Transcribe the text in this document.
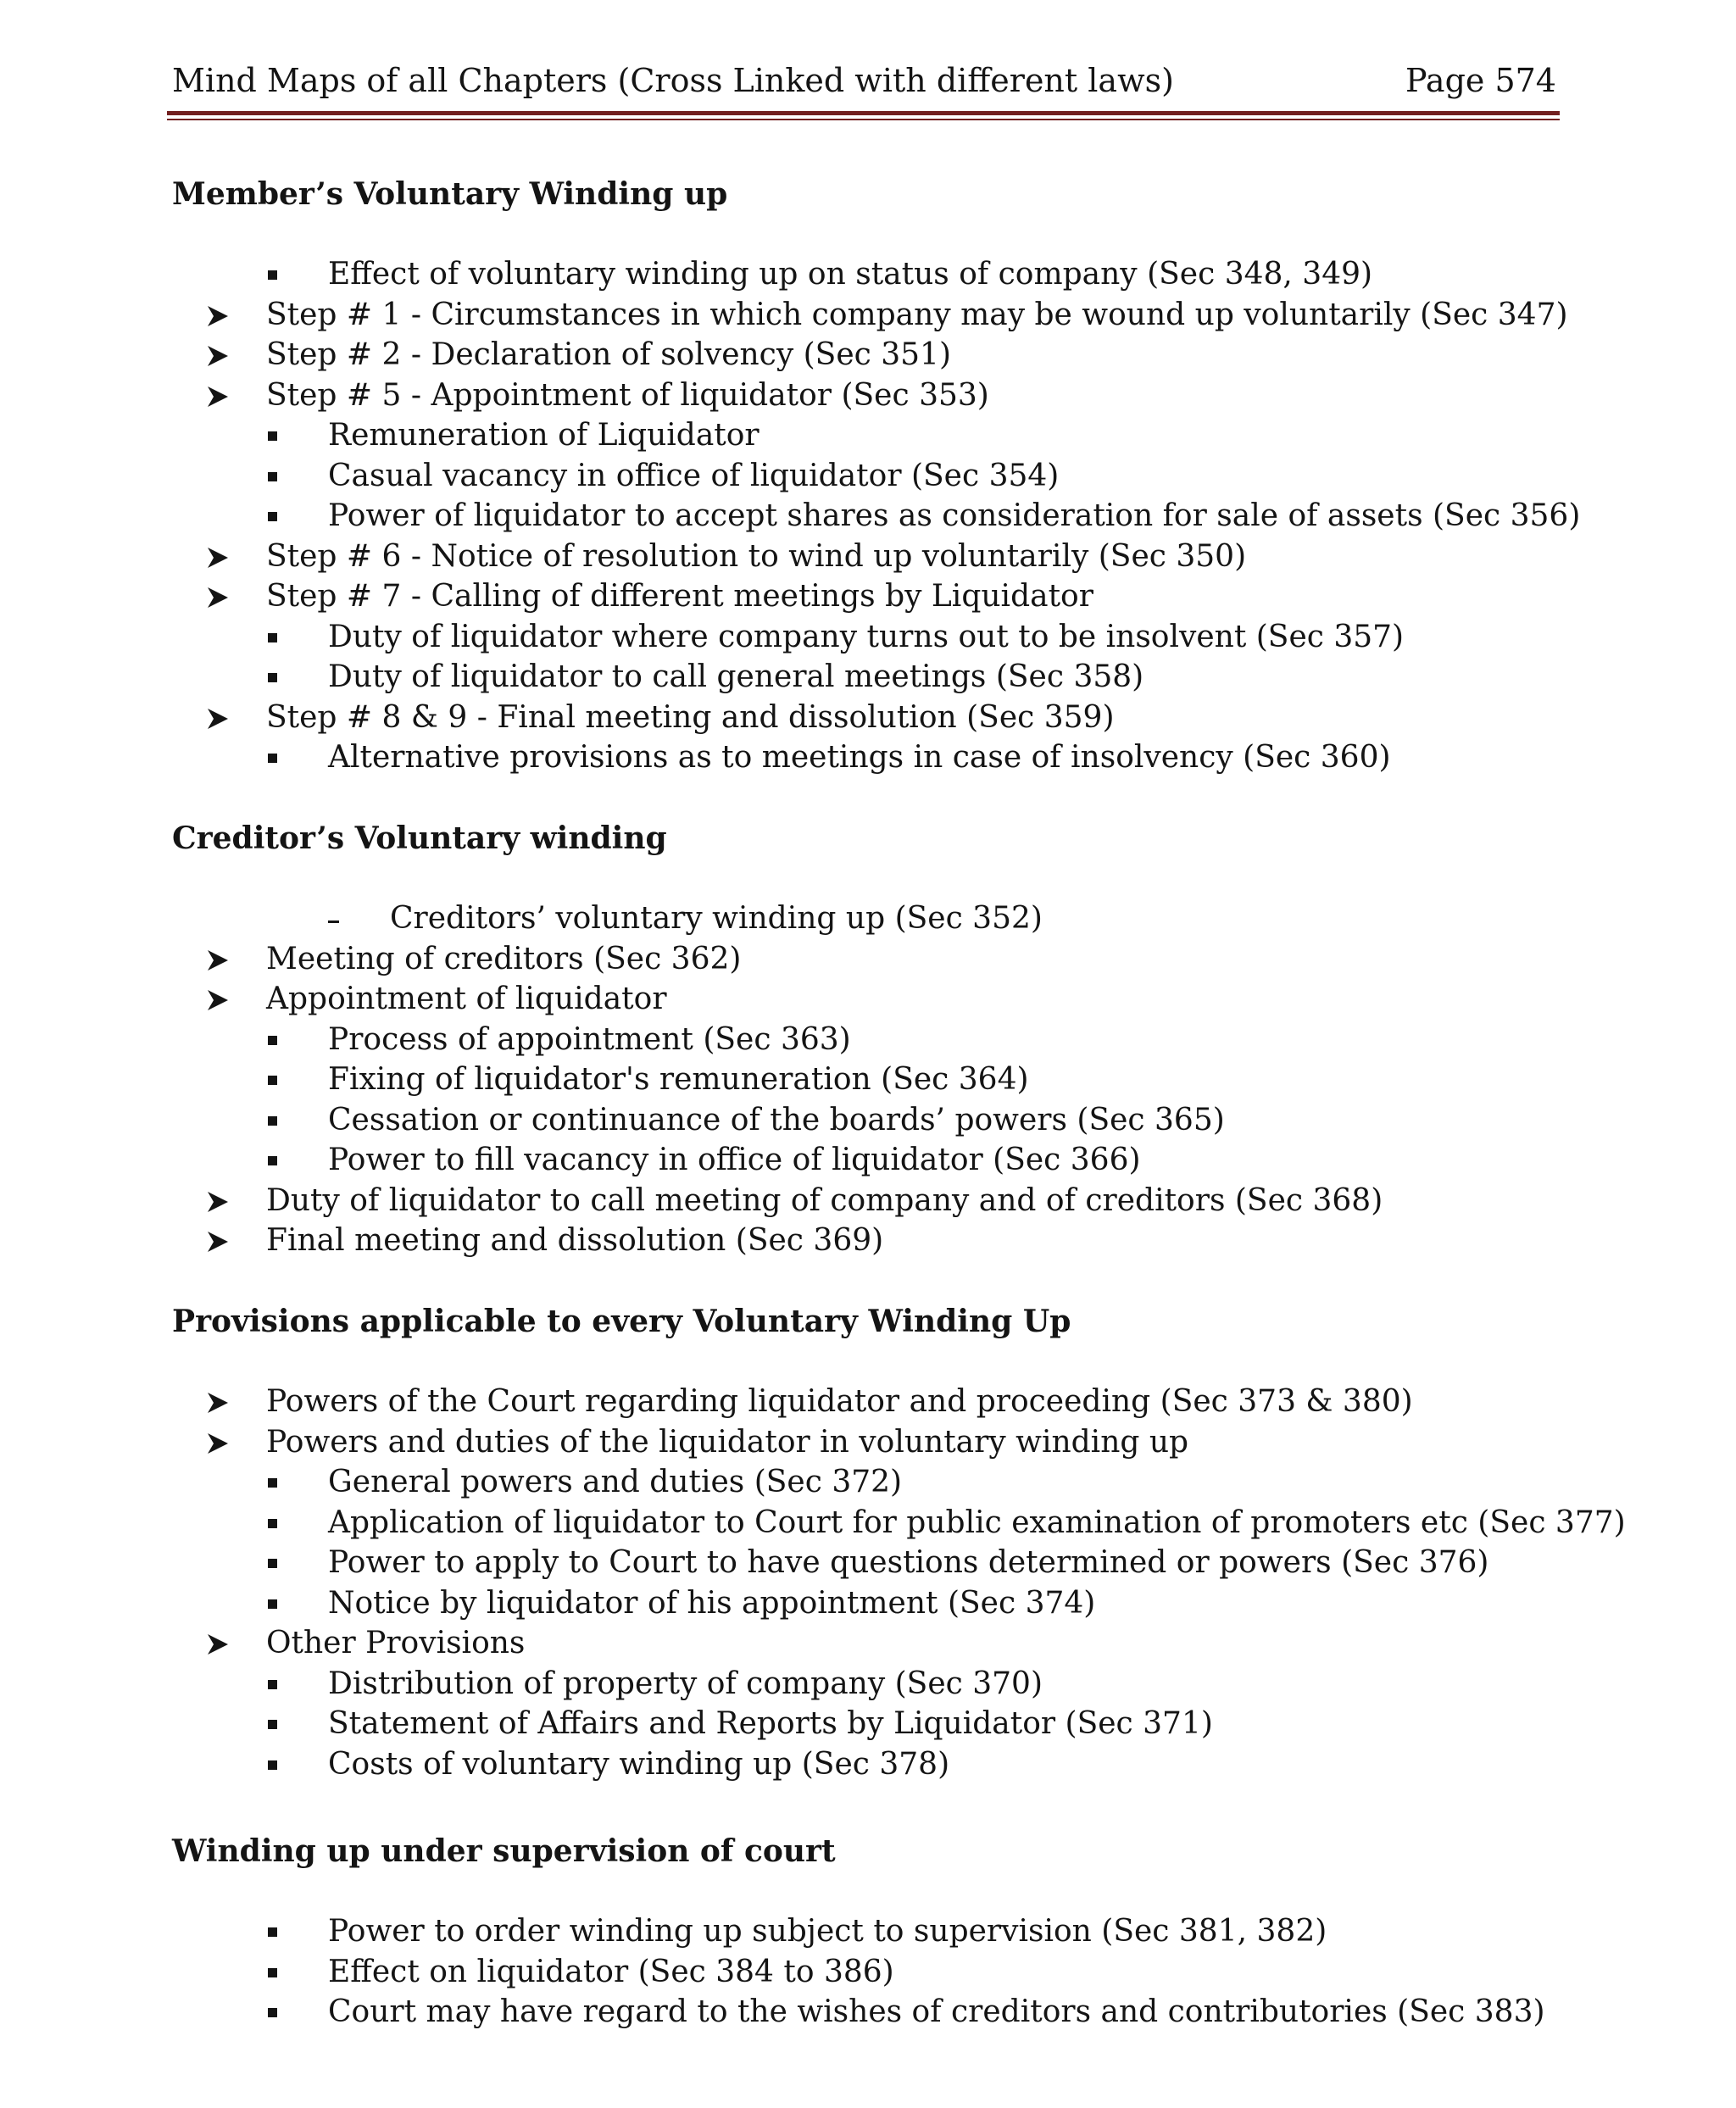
Mind Maps of all Chapters (Cross Linked with different laws)	Page 574
Member’s Voluntary Winding up
Effect of voluntary winding up on status of company (Sec 348, 349)
Step # 1 - Circumstances in which company may be wound up voluntarily (Sec 347)
Step # 2 - Declaration of solvency (Sec 351)
Step # 5 - Appointment of liquidator (Sec 353)
Remuneration of Liquidator
Casual vacancy in office of liquidator (Sec 354)
Power of liquidator to accept shares as consideration for sale of assets (Sec 356)
Step # 6 - Notice of resolution to wind up voluntarily (Sec 350)
Step # 7 - Calling of different meetings by Liquidator
Duty of liquidator where company turns out to be insolvent (Sec 357)
Duty of liquidator to call general meetings (Sec 358)
Step # 8 & 9 - Final meeting and dissolution (Sec 359)
Alternative provisions as to meetings in case of insolvency (Sec 360)
Creditor’s Voluntary winding
Creditors’ voluntary winding up (Sec 352)
Meeting of creditors (Sec 362)
Appointment of liquidator
Process of appointment (Sec 363)
Fixing of liquidator's remuneration (Sec 364)
Cessation or continuance of the boards’ powers (Sec 365)
Power to fill vacancy in office of liquidator (Sec 366)
Duty of liquidator to call meeting of company and of creditors (Sec 368)
Final meeting and dissolution (Sec 369)
Provisions applicable to every Voluntary Winding Up
Powers of the Court regarding liquidator and proceeding (Sec 373 & 380)
Powers and duties of the liquidator in voluntary winding up
General powers and duties (Sec 372)
Application of liquidator to Court for public examination of promoters etc (Sec 377)
Power to apply to Court to have questions determined or powers (Sec 376)
Notice by liquidator of his appointment (Sec 374)
Other Provisions
Distribution of property of company (Sec 370)
Statement of Affairs and Reports by Liquidator (Sec 371)
Costs of voluntary winding up (Sec 378)
Winding up under supervision of court
Power to order winding up subject to supervision (Sec 381, 382)
Effect on liquidator (Sec 384 to 386)
Court may have regard to the wishes of creditors and contributories (Sec 383)
